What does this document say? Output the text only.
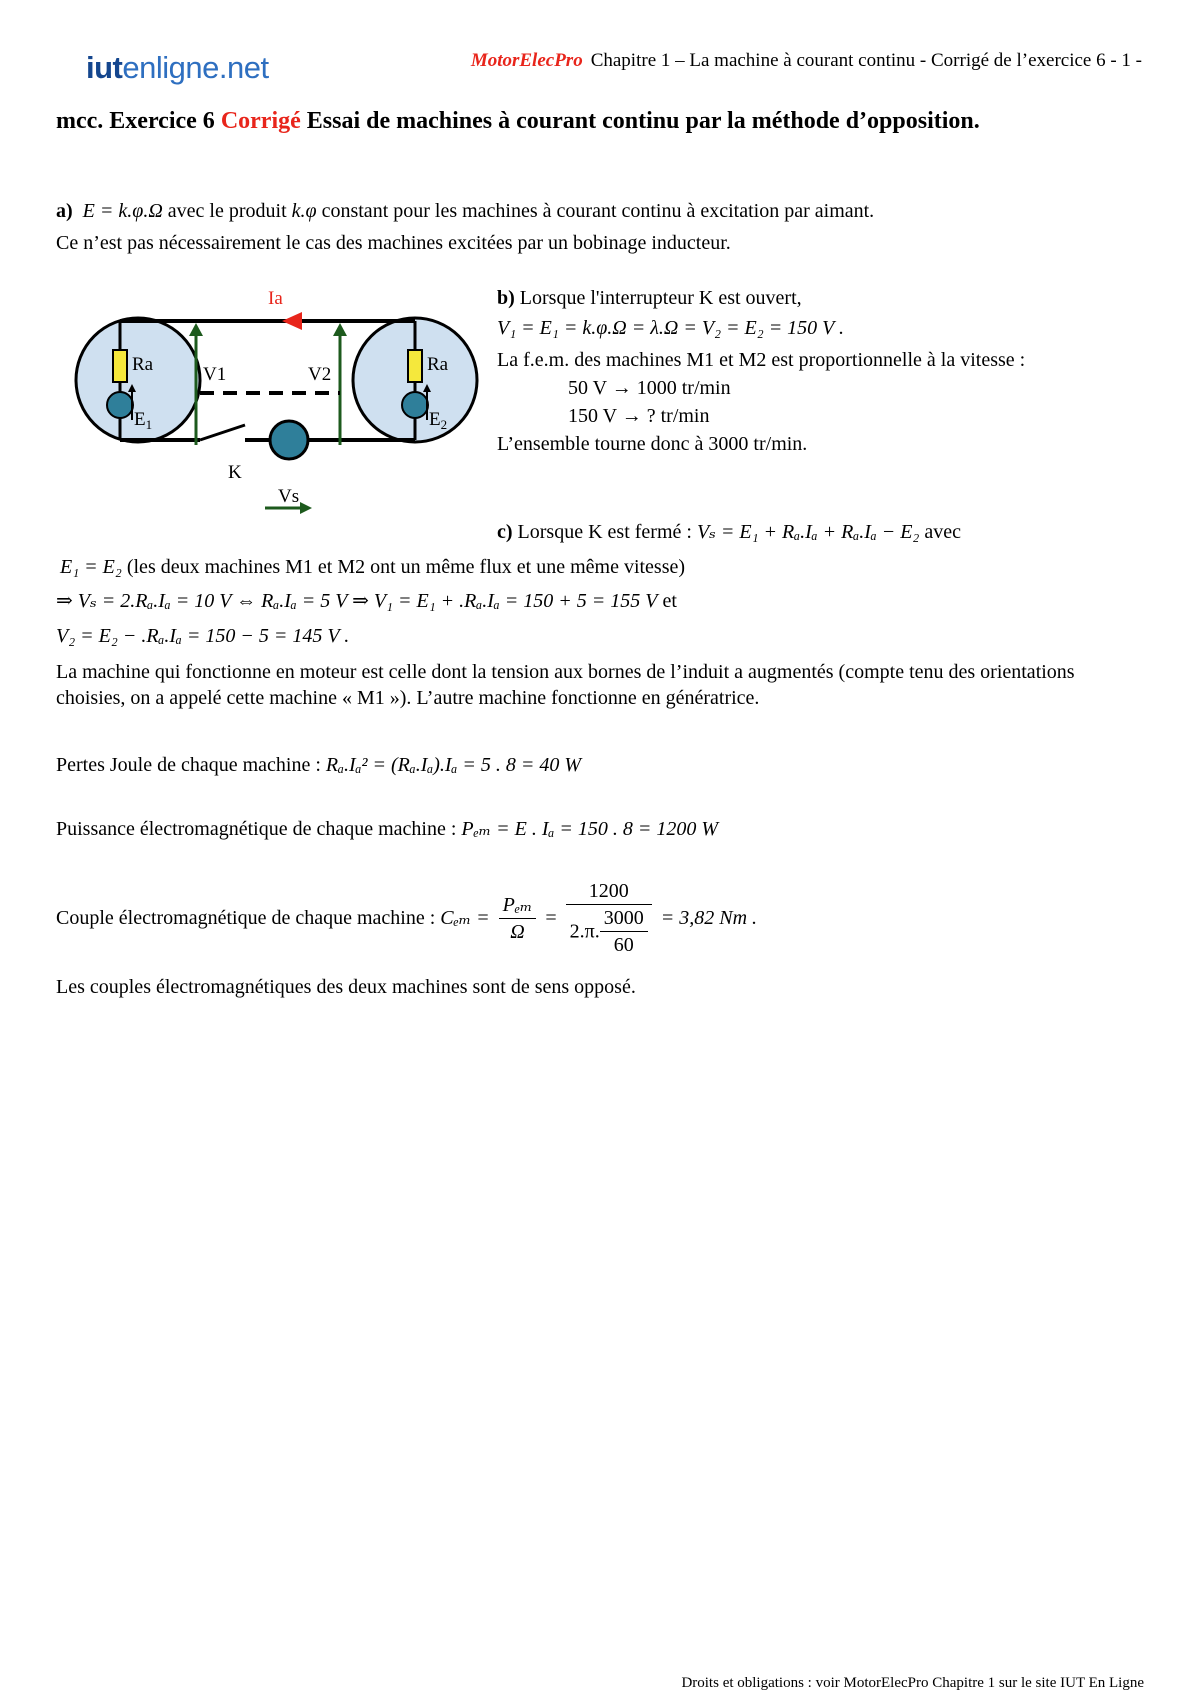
iutenligne.net	MotorElecPro Chapitre 1 – La machine à courant continu - Corrigé de l’exercice 6 - 1 -
mcc. Exercice 6 Corrigé Essai de machines à courant continu par la méthode d’opposition.
a) E = k.φ.Ω avec le produit k.φ constant pour les machines à courant continu à excitation par aimant.
Ce n’est pas nécessairement le cas des machines excitées par un bobinage inducteur.
Ia
Ra	Ra
V1	V2
$E_1$	$E_2$
K
Vs
b) Lorsque l'interrupteur K est ouvert,
V₁ = E₁ = k.φ.Ω = λ.Ω = V₂ = E₂ = 150 V .
La f.e.m. des machines M1 et M2 est proportionnelle à la vitesse :
50 V → 1000 tr/min
150 V → ? tr/min
L’ensemble tourne donc à 3000 tr/min.
c) Lorsque K est fermé : Vₛ = E₁ + Rₐ.Iₐ + Rₐ.Iₐ − E₂ avec
E₁ = E₂ (les deux machines M1 et M2 ont un même flux et une même vitesse)
⇒ Vₛ = 2.Rₐ.Iₐ = 10 V ⇔ Rₐ.Iₐ = 5 V ⇒ V₁ = E₁ + .Rₐ.Iₐ = 150 + 5 = 155 V et
V₂ = E₂ − .Rₐ.Iₐ = 150 − 5 = 145 V .
La machine qui fonctionne en moteur est celle dont la tension aux bornes de l’induit a augmentés (compte tenu des orientations choisies, on a appelé cette machine « M1 »). L’autre machine fonctionne en génératrice.
Pertes Joule de chaque machine : Rₐ.Iₐ² = (Rₐ.Iₐ).Iₐ = 5 . 8 = 40 W
Puissance électromagnétique de chaque machine : Pₑₘ = E . Iₐ = 150 . 8 = 1200 W
Couple électromagnétique de chaque machine : $C_{em} = \frac{\text{Pₑₘ}}{\Omega} = \frac{1200}{2.\pi. \frac{3000}{60}} = 3,82$ Nm .
Les couples électromagnétiques des deux machines sont de sens opposé.
Droits et obligations : voir MotorElecPro Chapitre 1 sur le site IUT En Ligne
